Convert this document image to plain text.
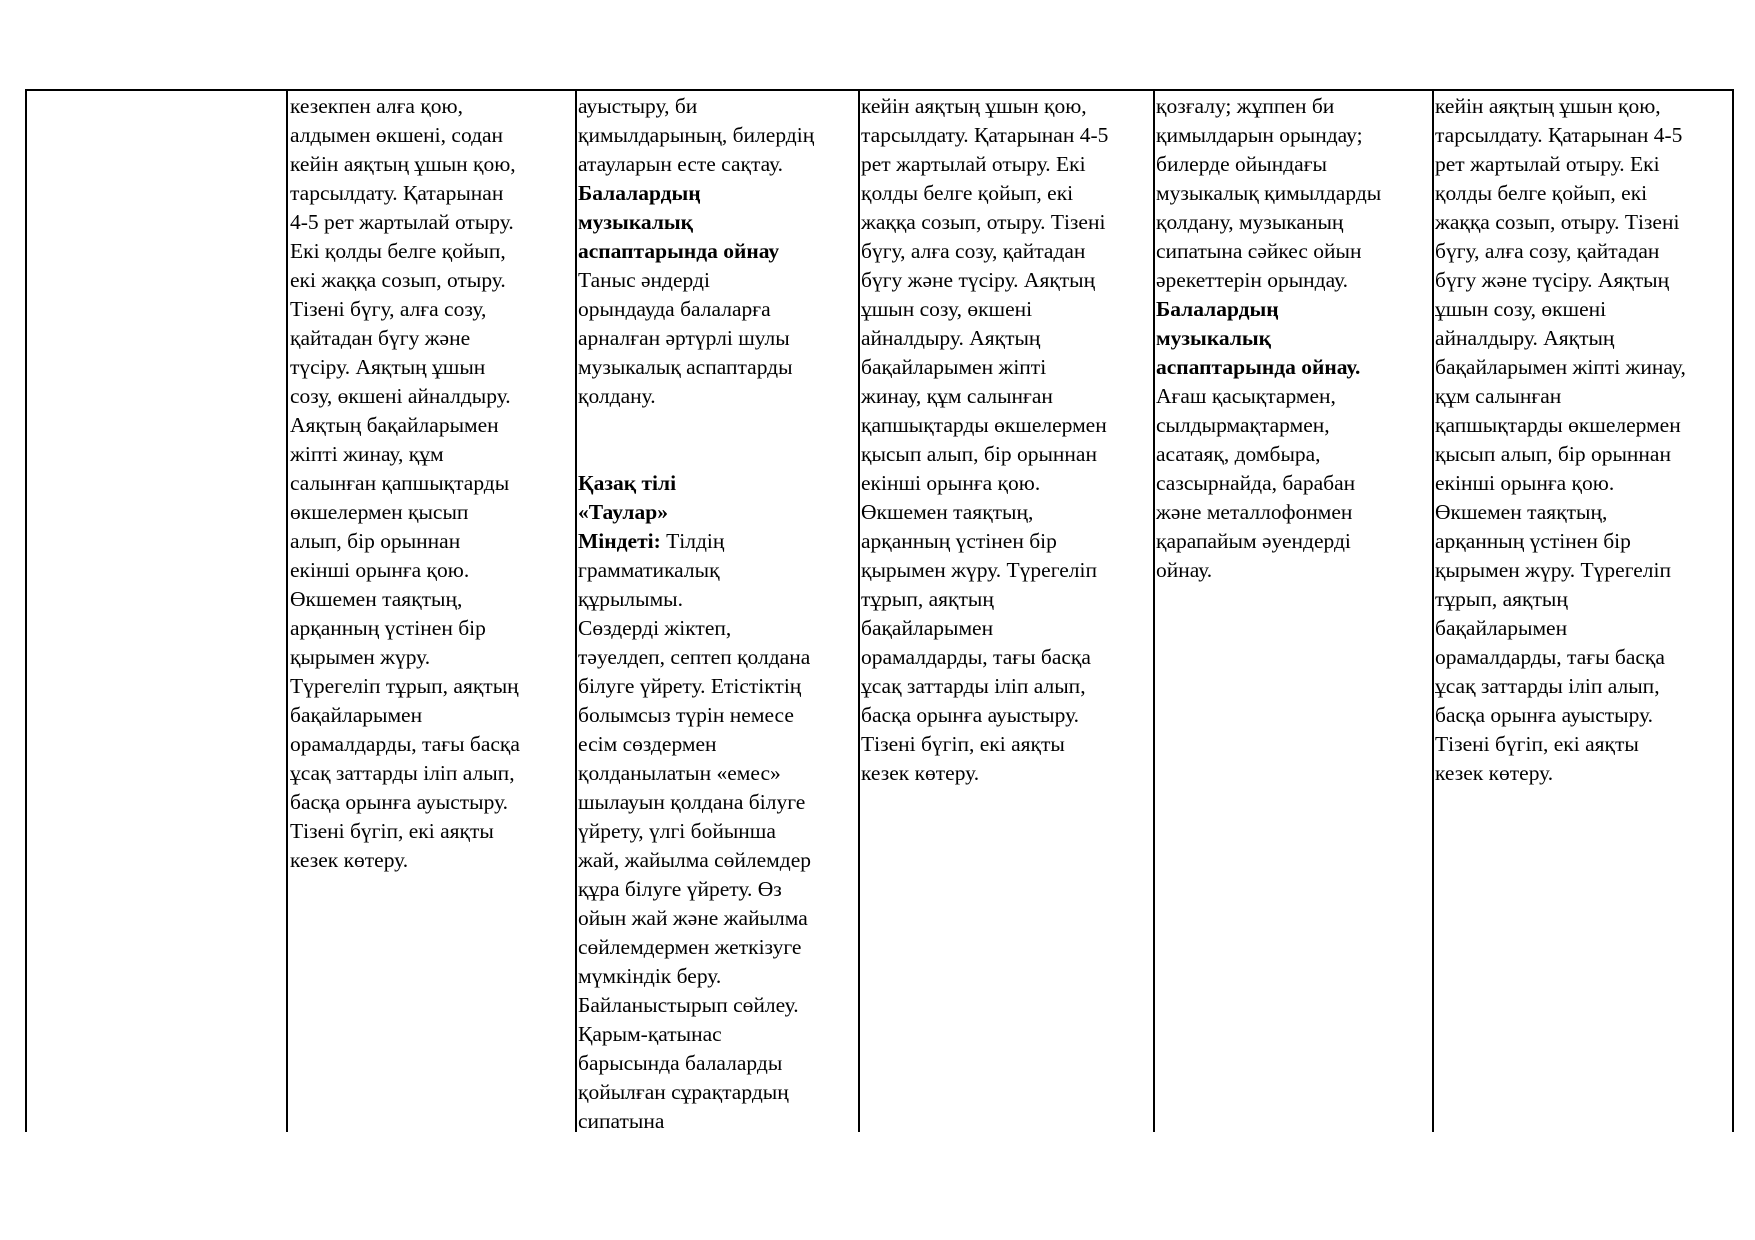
кезекпен алға қою,
алдымен өкшені, содан
кейін аяқтың ұшын қою,
тарсылдату. Қатарынан
4-5 рет жартылай отыру.
Екі қолды белге қойып,
екі жаққа созып, отыру.
Тізені бүгу, алға созу,
қайтадан бүгу және
түсіру. Аяқтың ұшын
созу, өкшені айналдыру.
Аяқтың бақайларымен
жіпті жинау, құм
салынған қапшықтарды
өкшелермен қысып
алып, бір орыннан
екінші орынға қою.
Өкшемен таяқтың,
арқанның үстінен бір
қырымен жүру.
Түрегеліп тұрып, аяқтың
бақайларымен
орамалдарды, тағы басқа
ұсақ заттарды іліп алып,
басқа орынға ауыстыру.
Тізені бүгіп, екі аяқты
кезек көтеру.
ауыстыру, би
қимылдарының, билердің
атауларын есте сақтау.
Балалардың
музыкалық
аспаптарында ойнау
Таныс әндерді
орындауда балаларға
арналған әртүрлі шулы
музыкалық аспаптарды
қолдану.
Қазақ тілі
«Таулар»
Міндеті: Тілдің
грамматикалық
құрылымы.
Сөздерді жіктеп,
тәуелдеп, септеп қолдана
білуге үйрету. Етістіктің
болымсыз түрін немесе
есім сөздермен
қолданылатын «емес»
шылауын қолдана білуге
үйрету, үлгі бойынша
жай, жайылма сөйлемдер
құра білуге үйрету. Өз
ойын жай және жайылма
сөйлемдермен жеткізуге
мүмкіндік беру.
Байланыстырып сөйлеу.
Қарым-қатынас
барысында балаларды
қойылған сұрақтардың
сипатына
кейін аяқтың ұшын қою,
тарсылдату. Қатарынан 4-5
рет жартылай отыру. Екі
қолды белге қойып, екі
жаққа созып, отыру. Тізені
бүгу, алға созу, қайтадан
бүгу және түсіру. Аяқтың
ұшын созу, өкшені
айналдыру. Аяқтың
бақайларымен жіпті
жинау, құм салынған
қапшықтарды өкшелермен
қысып алып, бір орыннан
екінші орынға қою.
Өкшемен таяқтың,
арқанның үстінен бір
қырымен жүру. Түрегеліп
тұрып, аяқтың
бақайларымен
орамалдарды, тағы басқа
ұсақ заттарды іліп алып,
басқа орынға ауыстыру.
Тізені бүгіп, екі аяқты
кезек көтеру.
қозғалу; жұппен би
қимылдарын орындау;
билерде ойындағы
музыкалық қимылдарды
қолдану, музыканың
сипатына сәйкес ойын
әрекеттерін орындау.
Балалардың
музыкалық
аспаптарында ойнау.
Ағаш қасықтармен,
сылдырмақтармен,
асатаяқ, домбыра,
сазсырнайда, барабан
және металлофонмен
қарапайым әуендерді
ойнау.
кейін аяқтың ұшын қою,
тарсылдату. Қатарынан 4-5
рет жартылай отыру. Екі
қолды белге қойып, екі
жаққа созып, отыру. Тізені
бүгу, алға созу, қайтадан
бүгу және түсіру. Аяқтың
ұшын созу, өкшені
айналдыру. Аяқтың
бақайларымен жіпті жинау,
құм салынған
қапшықтарды өкшелермен
қысып алып, бір орыннан
екінші орынға қою.
Өкшемен таяқтың,
арқанның үстінен бір
қырымен жүру. Түрегеліп
тұрып, аяқтың
бақайларымен
орамалдарды, тағы басқа
ұсақ заттарды іліп алып,
басқа орынға ауыстыру.
Тізені бүгіп, екі аяқты
кезек көтеру.
